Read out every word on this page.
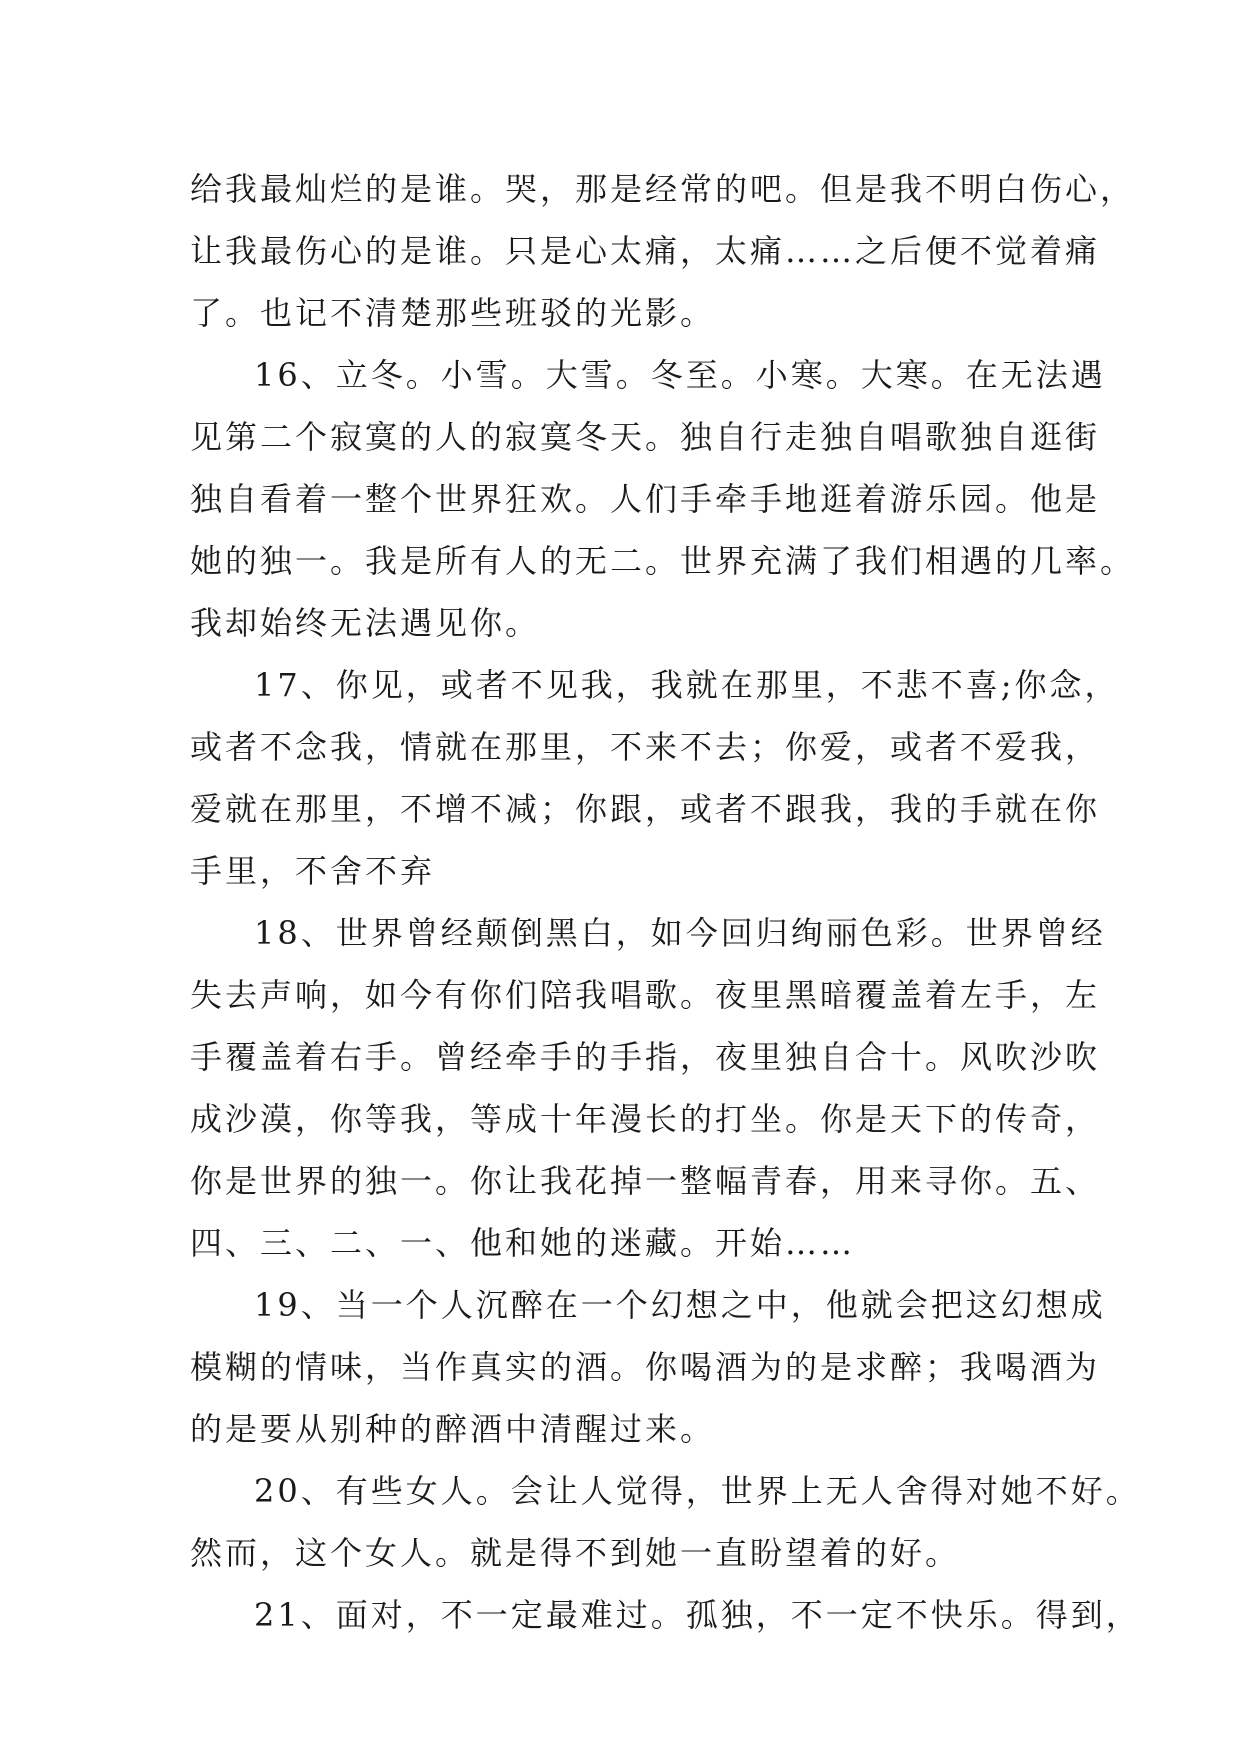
给我最灿烂的是谁。哭，那是经常的吧。但是我不明白伤心，
让我最伤心的是谁。只是心太痛，太痛……之后便不觉着痛
了。也记不清楚那些班驳的光影。
16、立冬。小雪。大雪。冬至。小寒。大寒。在无法遇
见第二个寂寞的人的寂寞冬天。独自行走独自唱歌独自逛街
独自看着一整个世界狂欢。人们手牵手地逛着游乐园。他是
她的独一。我是所有人的无二。世界充满了我们相遇的几率。
我却始终无法遇见你。
17、你见，或者不见我，我就在那里，不悲不喜;你念，
或者不念我，情就在那里，不来不去；你爱，或者不爱我，
爱就在那里，不增不减；你跟，或者不跟我，我的手就在你
手里，不舍不弃
18、世界曾经颠倒黑白，如今回归绚丽色彩。世界曾经
失去声响，如今有你们陪我唱歌。夜里黑暗覆盖着左手，左
手覆盖着右手。曾经牵手的手指，夜里独自合十。风吹沙吹
成沙漠，你等我，等成十年漫长的打坐。你是天下的传奇，
你是世界的独一。你让我花掉一整幅青春，用来寻你。五、
四、三、二、一、他和她的迷藏。开始……
19、当一个人沉醉在一个幻想之中，他就会把这幻想成
模糊的情味，当作真实的酒。你喝酒为的是求醉；我喝酒为
的是要从别种的醉酒中清醒过来。
20、有些女人。会让人觉得，世界上无人舍得对她不好。
然而，这个女人。就是得不到她一直盼望着的好。
21、面对，不一定最难过。孤独，不一定不快乐。得到，
